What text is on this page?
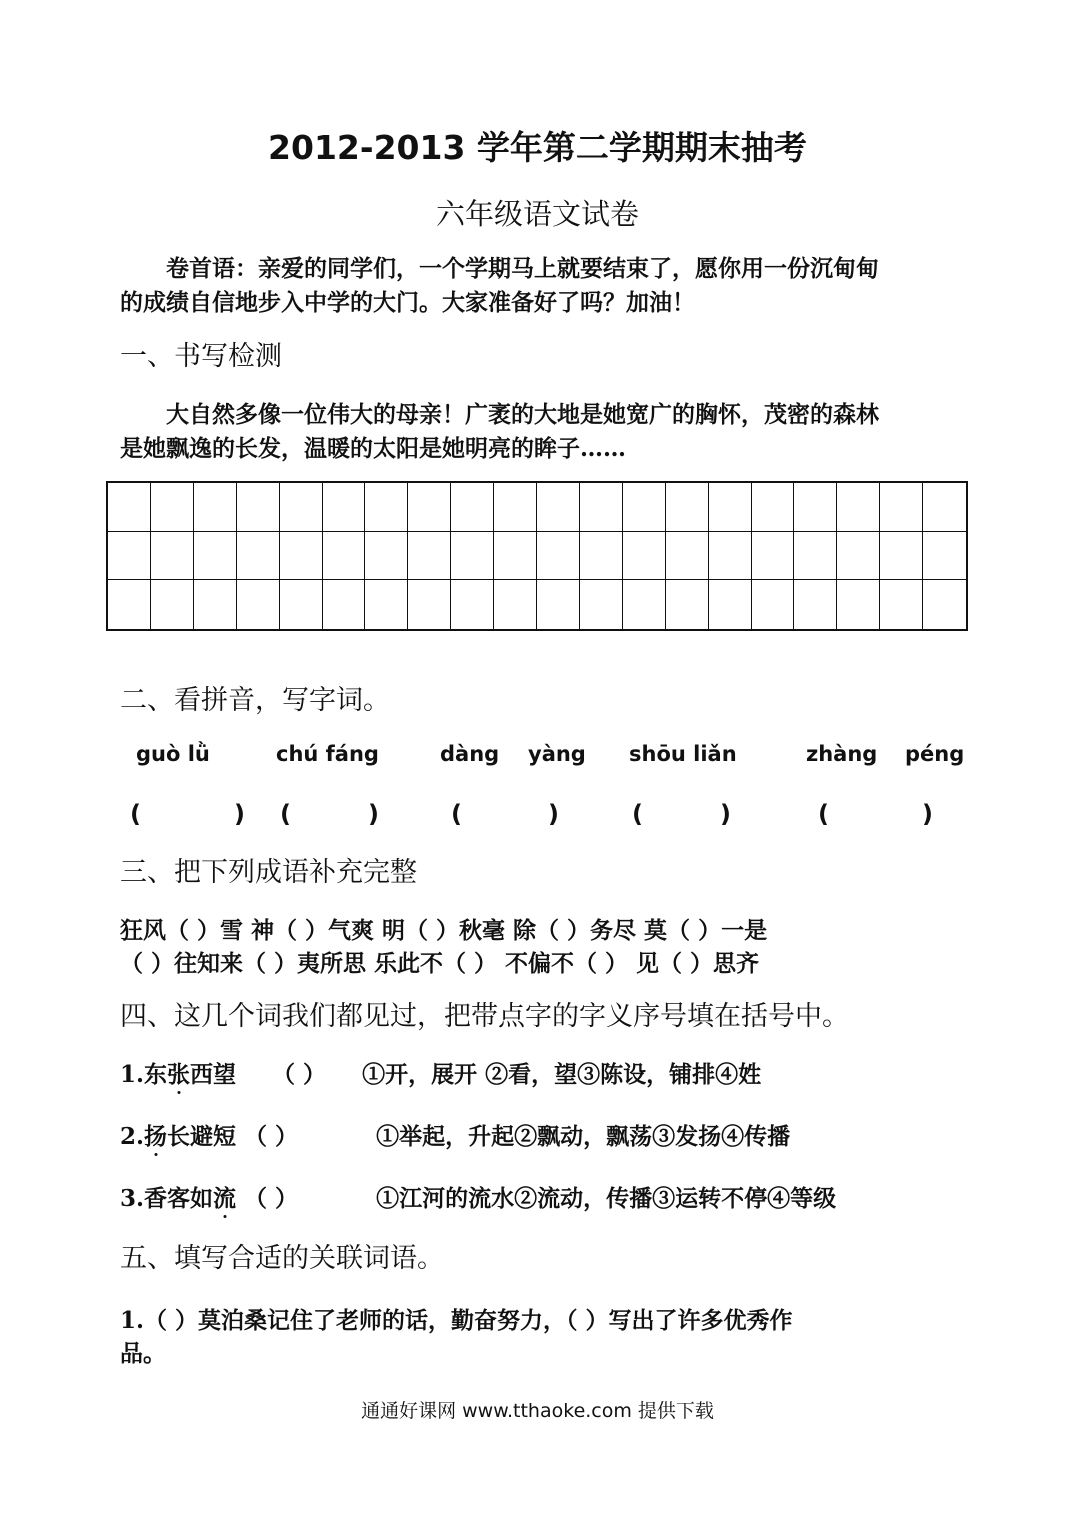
2012-2013 学年第二学期期末抽考
六年级语文试卷
卷首语：亲爱的同学们，一个学期马上就要结束了，愿你用一份沉甸甸
的成绩自信地步入中学的大门。大家准备好了吗？加油！
一、书写检测
大自然多像一位伟大的母亲！广袤的大地是她宽广的胸怀，茂密的森林
是她飘逸的长发，温暖的太阳是她明亮的眸子……
二、看拼音，写字词。
guò lǜ	chú fáng	dàng yàng shōu liǎn	zhàng péng
(	) (	)	(	)	(	)	(	)
三、把下列成语补充完整
狂风（ ）雪 神（ ）气爽 明（ ）秋毫 除（ ）务尽 莫（ ）一是
（ ）往知来（ ）夷所思 乐此不（ ） 不偏不（ ） 见（ ）思齐
四、这几个词我们都见过，把带点字的字义序号填在括号中。
1.东张西望 （ ） ①开，展开 ②看，望③陈设，铺排④姓
2.扬长避短 （ ）	①举起，升起②飘动，飘荡③发扬④传播
3.香客如流 （ ）	①江河的流水②流动，传播③运转不停④等级
五、填写合适的关联词语。
1.（ ）莫泊桑记住了老师的话，勤奋努力，（ ）写出了许多优秀作
品。
通通好课网 www.tthaoke.com 提供下载
